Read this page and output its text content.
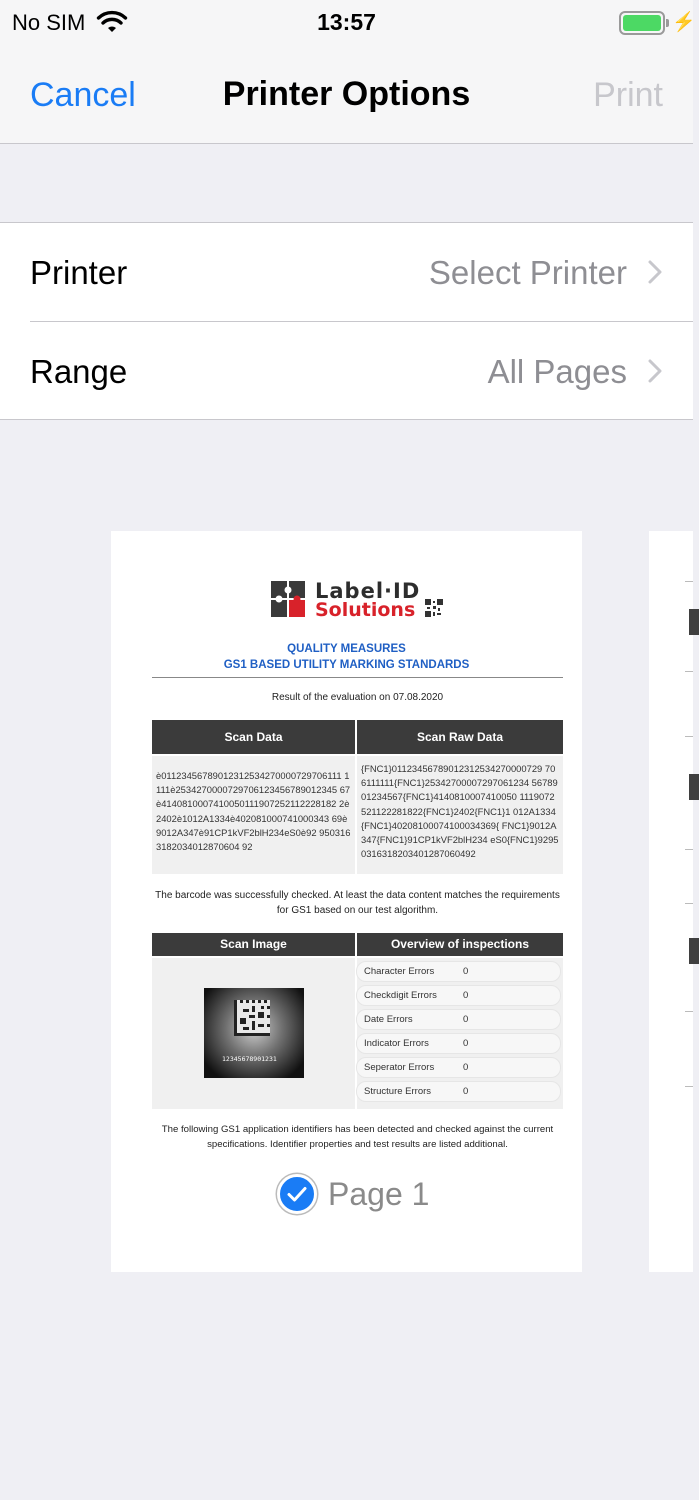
No SIM	13:57	⚡
Cancel	Printer Options	Print
Printer	Select Printer
Range	All Pages
Label·ID
Solutions
QUALITY MEASURES
GS1 BASED UTILITY MARKING STANDARDS
Result of the evaluation on 07.08.2020
Scan Data	Scan Raw Data
è01123456789012312534270000729706111 1111è2534270000729706123456789012345 67è4140810007410050111907252112228182 2è2402è1012A1334è402081000741000343 69è9012A347è91CP1kVF2blH234eS0è92 9503163182034012870604 92
{FNC1}01123456789012312534270000729 706111111{FNC1}25342700007297061234 5678901234567{FNC1}4140810007410050 1119072521122281822{FNC1}2402{FNC1}1 012A1334{FNC1}40208100074100034369{ FNC1}9012A347{FNC1}91CP1kVF2blH234 eS0{FNC1}92950316318203401287060492
The barcode was successfully checked. At least the data content matches the requirements for GS1 based on our test algorithm.
Scan Image	Overview of inspections
12345678901231
Character Errors	0
Checkdigit Errors	0
Date Errors	0
Indicator Errors	0
Seperator Errors	0
Structure Errors	0
The following GS1 application identifiers has been detected and checked against the current specifications. Identifier properties and test results are listed additional.
Page 1
